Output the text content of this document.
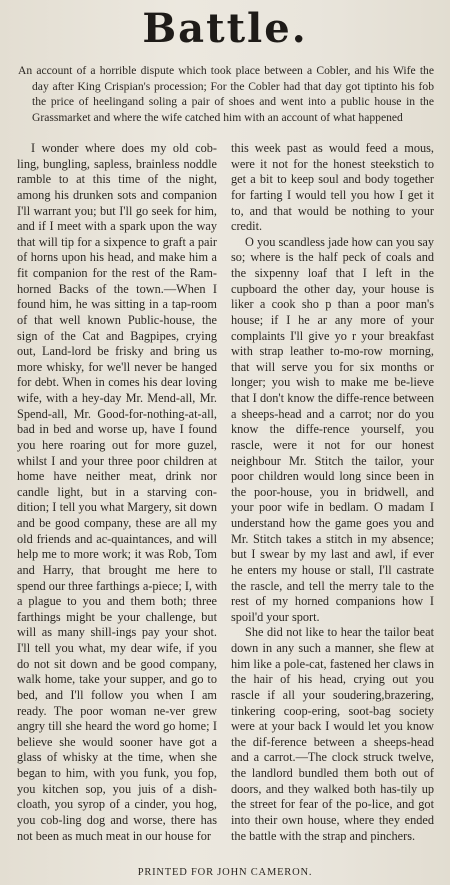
Battle.
An account of a horrible dispute which took place between a Cobler, and his Wife the day after King Crispian's procession; For the Cobler had that day got tiptinto his fob the price of heelingand soling a pair of shoes and went into a public house in the Grassmarket and where the wife catched him with an account of what happened

I wonder where does my old cob-ling, bungling, sapless, brainless noddle ramble to at this time of the night, among his drunken sots and companion I'll warrant you; but I'll go seek for him, and if I meet with a spark upon the way that will tip for a sixpence to graft a pair of horns upon his head, and make him a fit companion for the rest of the Ram-horned Backs of the town.—When I found him, he was sitting in a tap-room of that well known Public-house, the sign of the Cat and Bagpipes, crying out, Land-lord be frisky and bring us more whisky, for we'll never be hanged for debt. When in comes his dear loving wife, with a hey-day Mr. Mend-all, Mr. Spend-all, Mr. Good-for-nothing-at-all, bad in bed and worse up, have I found you here roaring out for more guzel, whilst I and your three poor children at home have neither meat, drink nor candle light, but in a starving con-dition; I tell you what Margery, sit down and be good company, these are all my old friends and ac-quaintances, and will help me to more work; it was Rob, Tom and Harry, that brought me here to spend our three farthings a-piece; I, with a plague to you and them both; three farthings might be your challenge, but will as many shill-ings pay your shot. I'll tell you what, my dear wife, if you do not sit down and be good company, walk home, take your supper, and go to bed, and I'll follow you when I am ready. The poor woman ne-ver grew angry till she heard the word go home; I believe she would sooner have got a glass of whisky at the time, when she began to him, with you funk, you fop, you kitchen sop, you juis of a dish-cloath, you syrop of a cinder, you hog, you cob-ling dog and worse, there has not been as much meat in our house for

this week past as would feed a mous, were it not for the honest steekstich to get a bit to keep soul and body together for farting I would tell you how I get it to, and that would be nothing to your credit.

O you scandless jade how can you say so; where is the half peck of coals and the sixpenny loaf that I left in the cupboard the other day, your house is liker a cook sho p than a poor man's house; if I he ar any more of your complaints I'll give yo r your breakfast with strap leather to-mo-row morning, that will serve you for six months or longer; you wish to make me be-lieve that I don't know the diffe-rence between a sheeps-head and a carrot; nor do you know the diffe-rence yourself, you rascle, were it not for our honest neighbour Mr. Stitch the tailor, your poor children would long since been in the poor-house, you in bridwell, and your poor wife in bedlam. O madam I understand how the game goes you and Mr. Stitch takes a stitch in my absence; but I swear by my last and awl, if ever he enters my house or stall, I'll castrate the rascle, and tell the merry tale to the rest of my horned companions how I spoil'd your sport.

She did not like to hear the tailor beat down in any such a manner, she flew at him like a pole-cat, fastened her claws in the hair of his head, crying out you rascle if all your soudering,brazering, tinkering coop-ering, soot-bag society were at your back I would let you know the dif-ference between a sheeps-head and a carrot.—The clock struck twelve, the landlord bundled them both out of doors, and they walked both has-tily up the street for fear of the po-lice, and got into their own house, where they ended the battle with the strap and pinchers.

PRINTED FOR JOHN CAMERON.
